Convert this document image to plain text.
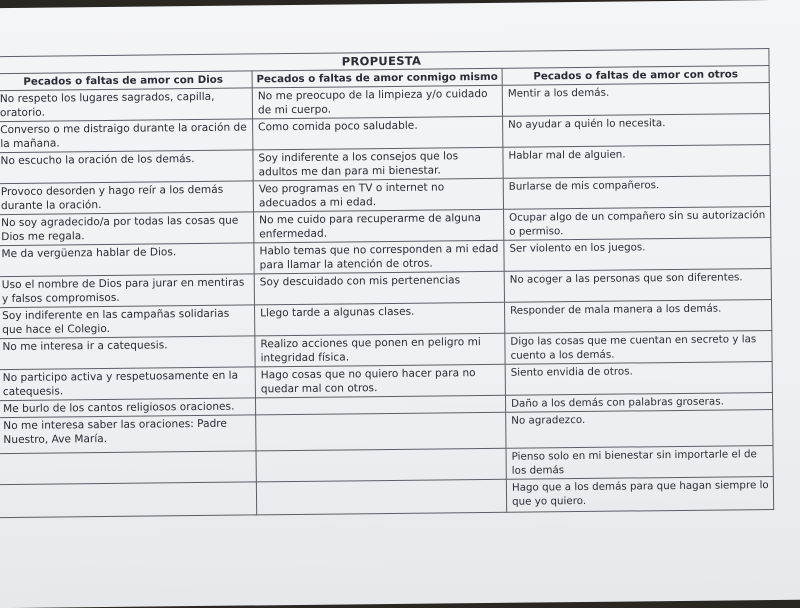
PROPUESTA		
Pecados o faltas de amor con Dios	Pecados o faltas de amor conmigo mismo	Pecados o faltas de amor con otros
No respeto los lugares sagrados, capilla, oratorio.	No me preocupo de la limpieza y/o cuidado de mi cuerpo.	Mentir a los demás.
Converso o me distraigo durante la oración de la mañana.	Como comida poco saludable.	No ayudar a quién lo necesita.
No escucho la oración de los demás.	Soy indiferente a los consejos que los adultos me dan para mi bienestar.	Hablar mal de alguien.
Provoco desorden y hago reír a los demás durante la oración.	Veo programas en TV o internet no adecuados a mi edad.	Burlarse de mis compañeros.
No soy agradecido/a por todas las cosas que Dios me regala.	No me cuido para recuperarme de alguna enfermedad.	Ocupar algo de un compañero sin su autorización o permiso.
Me da vergüenza hablar de Dios.	Hablo temas que no corresponden a mi edad para llamar la atención de otros.	Ser violento en los juegos.
Uso el nombre de Dios para jurar en mentiras y falsos compromisos.	Soy descuidado con mis pertenencias	No acoger a las personas que son diferentes.
Soy indiferente en las campañas solidarias que hace el Colegio.	Llego tarde a algunas clases.	Responder de mala manera a los demás.
No me interesa ir a catequesis.	Realizo acciones que ponen en peligro mi integridad física.	Digo las cosas que me cuentan en secreto y las cuento a los demás.
No participo activa y respetuosamente en la catequesis.	Hago cosas que no quiero hacer para no quedar mal con otros.	Siento envidia de otros.
Me burlo de los cantos religiosos oraciones.		Daño a los demás con palabras groseras.
No me interesa saber las oraciones: Padre Nuestro, Ave María.		No agradezco.
		Pienso solo en mi bienestar sin importarle el de los demás
		Hago que a los demás para que hagan siempre lo que yo quiero.
